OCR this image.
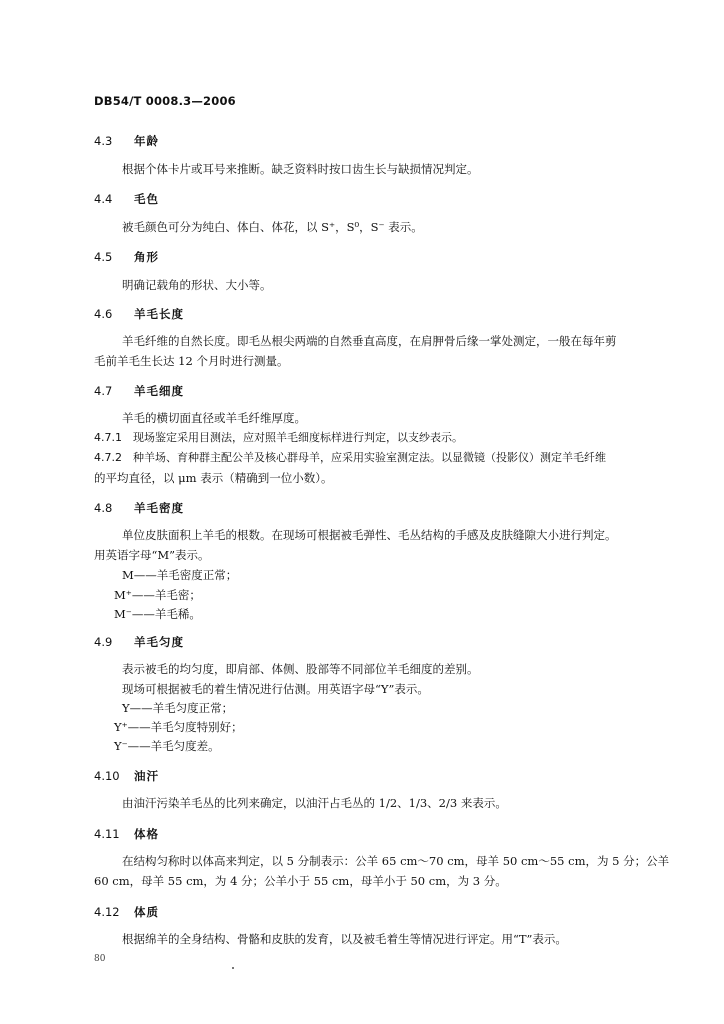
DB54/T 0008.3—2006
4.3 年龄
根据个体卡片或耳号来推断。缺乏资料时按口齿生长与缺损情况判定。
4.4 毛色
被毛颜色可分为纯白、体白、体花，以 S⁺，S⁰，S⁻ 表示。
4.5 角形
明确记载角的形状、大小等。
4.6 羊毛长度
羊毛纤维的自然长度。即毛丛根尖两端的自然垂直高度，在肩胛骨后缘一掌处测定，一般在每年剪
毛前羊毛生长达 12 个月时进行测量。
4.7 羊毛细度
羊毛的横切面直径或羊毛纤维厚度。
4.7.1　现场鉴定采用目测法，应对照羊毛细度标样进行判定，以支纱表示。
4.7.2　种羊场、育种群主配公羊及核心群母羊，应采用实验室测定法。以显微镜（投影仪）测定羊毛纤维
的平均直径，以 μm 表示（精确到一位小数）。
4.8 羊毛密度
单位皮肤面积上羊毛的根数。在现场可根据被毛弹性、毛丛结构的手感及皮肤缝隙大小进行判定。
用英语字母“M”表示。
M——羊毛密度正常；
M⁺——羊毛密；
M⁻——羊毛稀。
4.9 羊毛匀度
表示被毛的均匀度，即肩部、体侧、股部等不同部位羊毛细度的差别。
现场可根据被毛的着生情况进行估测。用英语字母“Y”表示。
Y——羊毛匀度正常；
Y⁺——羊毛匀度特别好；
Y⁻——羊毛匀度差。
4.10 油汗
由油汗污染羊毛丛的比列来确定，以油汗占毛丛的 1/2、1/3、2/3 来表示。
4.11 体格
在结构匀称时以体高来判定，以 5 分制表示：公羊 65 cm～70 cm，母羊 50 cm～55 cm，为 5 分；公羊
60 cm，母羊 55 cm，为 4 分；公羊小于 55 cm，母羊小于 50 cm，为 3 分。
4.12 体质
根据绵羊的全身结构、骨骼和皮肤的发育，以及被毛着生等情况进行评定。用“T”表示。
80
